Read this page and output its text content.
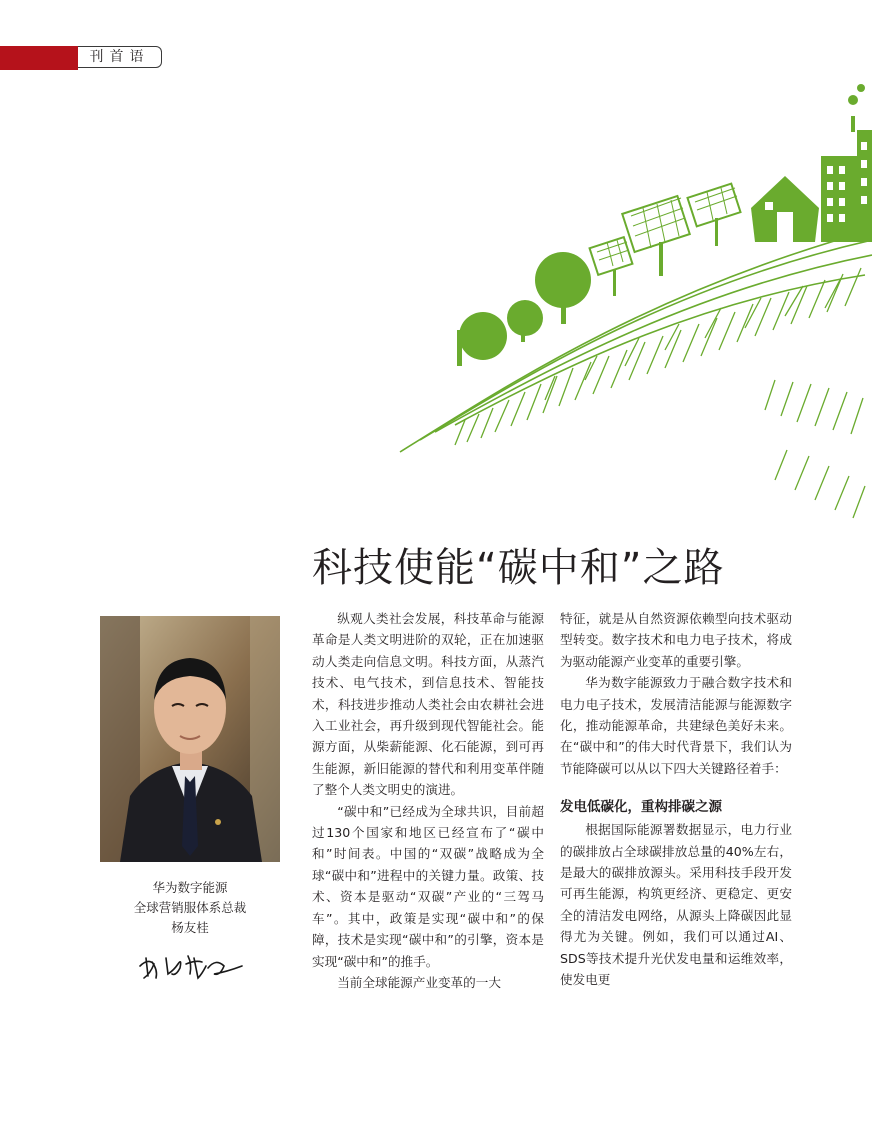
刊首语
科技使能“碳中和”之路
华为数字能源
全球营销服体系总裁
杨友桂

纵观人类社会发展，科技革命与能源革命是人类文明进阶的双轮，正在加速驱动人类走向信息文明。科技方面，从蒸汽技术、电气技术，到信息技术、智能技术，科技进步推动人类社会由农耕社会进入工业社会，再升级到现代智能社会。能源方面，从柴薪能源、化石能源，到可再生能源，新旧能源的替代和利用变革伴随了整个人类文明史的演进。

“碳中和”已经成为全球共识，目前超过130个国家和地区已经宣布了“碳中和”时间表。中国的“双碳”战略成为全球“碳中和”进程中的关键力量。政策、技术、资本是驱动“双碳”产业的“三驾马车”。其中，政策是实现“碳中和”的保障，技术是实现“碳中和”的引擎，资本是实现“碳中和”的推手。

当前全球能源产业变革的一大

特征，就是从自然资源依赖型向技术驱动型转变。数字技术和电力电子技术，将成为驱动能源产业变革的重要引擎。

华为数字能源致力于融合数字技术和电力电子技术，发展清洁能源与能源数字化，推动能源革命，共建绿色美好未来。在“碳中和”的伟大时代背景下，我们认为节能降碳可以从以下四大关键路径着手：

发电低碳化，重构排碳之源

根据国际能源署数据显示，电力行业的碳排放占全球碳排放总量的40%左右，是最大的碳排放源头。采用科技手段开发可再生能源，构筑更经济、更稳定、更安全的清洁发电网络，从源头上降碳因此显得尤为关键。例如，我们可以通过AI、SDS等技术提升光伏发电量和运维效率，使发电更
